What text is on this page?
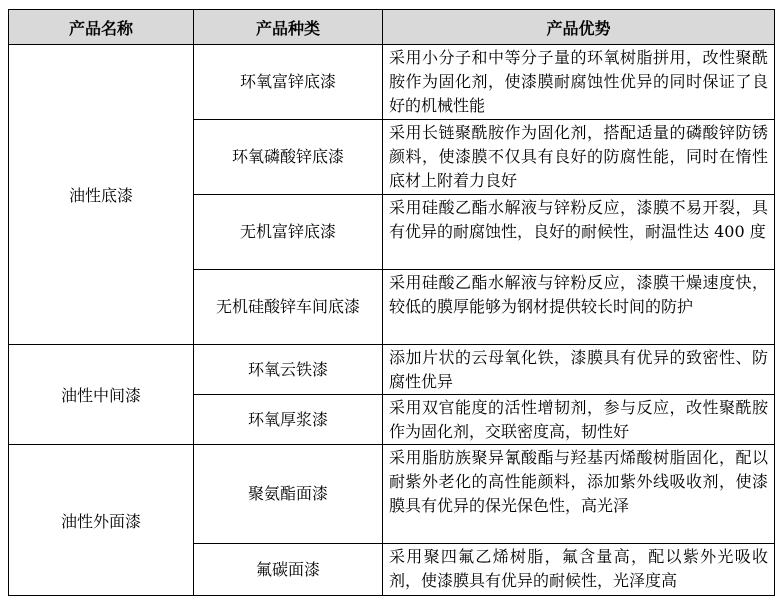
产品名称	产品种类	产品优势
油性底漆	环氧富锌底漆	采用小分子和中等分子量的环氧树脂拼用，改性聚酰胺作为固化剂，使漆膜耐腐蚀性优异的同时保证了良好的机械性能
	环氧磷酸锌底漆	采用长链聚酰胺作为固化剂，搭配适量的磷酸锌防锈颜料，使漆膜不仅具有良好的防腐性能，同时在惰性底材上附着力良好
	无机富锌底漆	采用硅酸乙酯水解液与锌粉反应，漆膜不易开裂，具有优异的耐腐蚀性，良好的耐候性，耐温性达 400 度
	无机硅酸锌车间底漆	采用硅酸乙酯水解液与锌粉反应，漆膜干燥速度快，较低的膜厚能够为钢材提供较长时间的防护
油性中间漆	环氧云铁漆	添加片状的云母氧化铁，漆膜具有优异的致密性、防腐性优异
	环氧厚浆漆	采用双官能度的活性增韧剂，参与反应，改性聚酰胺作为固化剂，交联密度高，韧性好
油性外面漆	聚氨酯面漆	采用脂肪族聚异氰酸酯与羟基丙烯酸树脂固化，配以耐紫外老化的高性能颜料，添加紫外线吸收剂，使漆膜具有优异的保光保色性，高光泽
	氟碳面漆	采用聚四氟乙烯树脂，氟含量高，配以紫外光吸收剂，使漆膜具有优异的耐候性，光泽度高
